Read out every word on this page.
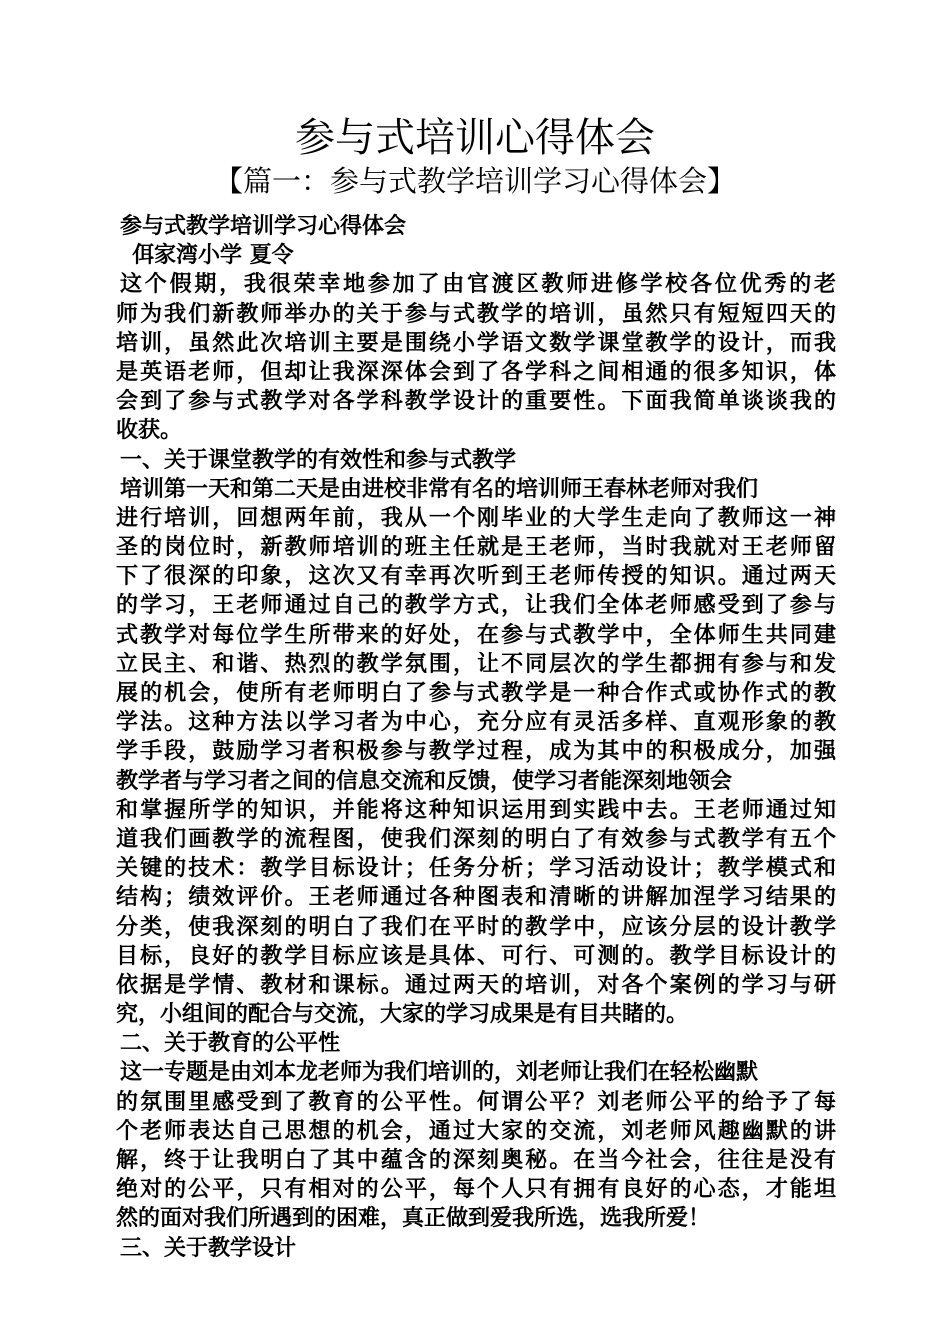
参与式培训心得体会
【篇一：参与式教学培训学习心得体会】
参与式教学培训学习心得体会
佴家湾小学 夏令
这个假期，我很荣幸地参加了由官渡区教师进修学校各位优秀的老
师为我们新教师举办的关于参与式教学的培训，虽然只有短短四天的
培训，虽然此次培训主要是围绕小学语文数学课堂教学的设计，而我
是英语老师，但却让我深深体会到了各学科之间相通的很多知识，体
会到了参与式教学对各学科教学设计的重要性。下面我简单谈谈我的
收获。
一、关于课堂教学的有效性和参与式教学
培训第一天和第二天是由进校非常有名的培训师王春林老师对我们
进行培训，回想两年前，我从一个刚毕业的大学生走向了教师这一神
圣的岗位时，新教师培训的班主任就是王老师，当时我就对王老师留
下了很深的印象，这次又有幸再次听到王老师传授的知识。通过两天
的学习，王老师通过自己的教学方式，让我们全体老师感受到了参与
式教学对每位学生所带来的好处，在参与式教学中，全体师生共同建
立民主、和谐、热烈的教学氛围，让不同层次的学生都拥有参与和发
展的机会，使所有老师明白了参与式教学是一种合作式或协作式的教
学法。这种方法以学习者为中心，充分应有灵活多样、直观形象的教
学手段，鼓励学习者积极参与教学过程，成为其中的积极成分，加强
教学者与学习者之间的信息交流和反馈，使学习者能深刻地领会
和掌握所学的知识，并能将这种知识运用到实践中去。王老师通过知
道我们画教学的流程图，使我们深刻的明白了有效参与式教学有五个
关键的技术：教学目标设计；任务分析；学习活动设计；教学模式和
结构；绩效评价。王老师通过各种图表和清晰的讲解加涅学习结果的
分类，使我深刻的明白了我们在平时的教学中，应该分层的设计教学
目标，良好的教学目标应该是具体、可行、可测的。教学目标设计的
依据是学情、教材和课标。通过两天的培训，对各个案例的学习与研
究，小组间的配合与交流，大家的学习成果是有目共睹的。
二、关于教育的公平性
这一专题是由刘本龙老师为我们培训的，刘老师让我们在轻松幽默
的氛围里感受到了教育的公平性。何谓公平？刘老师公平的给予了每
个老师表达自己思想的机会，通过大家的交流，刘老师风趣幽默的讲
解，终于让我明白了其中蕴含的深刻奥秘。在当今社会，往往是没有
绝对的公平，只有相对的公平，每个人只有拥有良好的心态，才能坦
然的面对我们所遇到的困难，真正做到爱我所选，选我所爱！
三、关于教学设计
